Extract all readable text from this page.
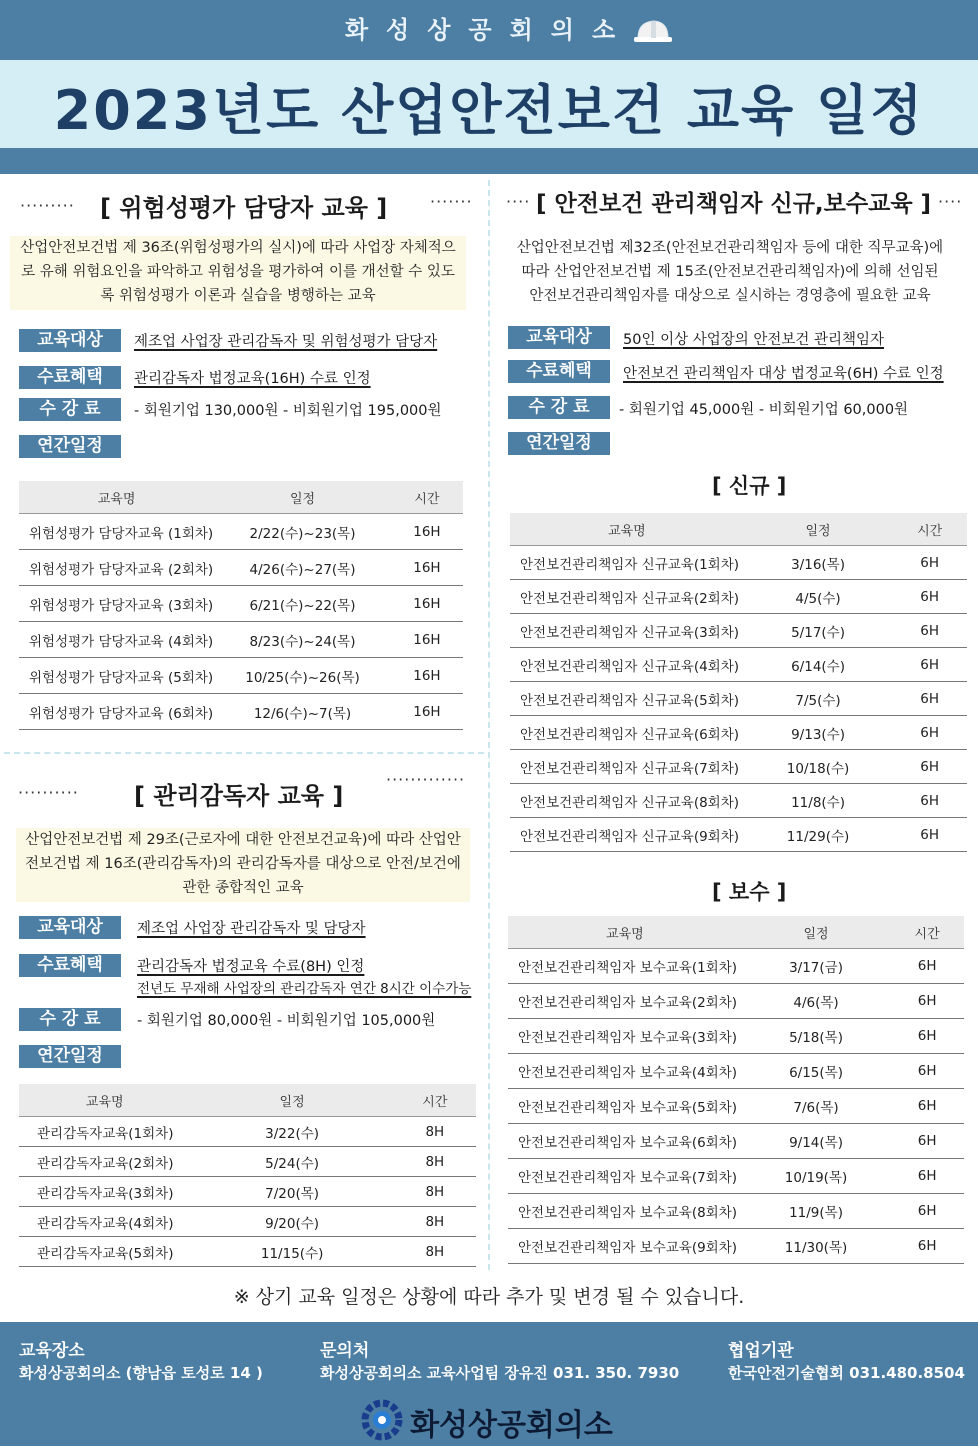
화성상공회의소
2023년도 산업안전보건 교육 일정
········· [ 위험성평가 담당자 교육 ]	·······
산업안전보건법 제 36조(위험성평가의 실시)에 따라 사업장 자체적으
로 유해 위험요인을 파악하고 위험성을 평가하여 이를 개선할 수 있도
록 위험성평가 이론과 실습을 병행하는 교육
교육대상	제조업 사업장 관리감독자 및 위험성평가 담당자
수료혜택	관리감독자 법정교육(16H) 수료 인정
수 강 료	- 회원기업 130,000원 - 비회원기업 195,000원
연간일정
교육명	일정	시간
위험성평가 담당자교육 (1회차)	2/22(수)~23(목)	16H
위험성평가 담당자교육 (2회차)	4/26(수)~27(목)	16H
위험성평가 담당자교육 (3회차)	6/21(수)~22(목)	16H
위험성평가 담당자교육 (4회차)	8/23(수)~24(목)	16H
위험성평가 담당자교육 (5회차)	10/25(수)~26(목)	16H
위험성평가 담당자교육 (6회차)	12/6(수)~7(목)	16H
·········· [ 관리감독자 교육 ]
·············
산업안전보건법 제 29조(근로자에 대한 안전보건교육)에 따라 산업안
전보건법 제 16조(관리감독자)의 관리감독자를 대상으로 안전/보건에
관한 종합적인 교육
교육대상	제조업 사업장 관리감독자 및 담당자
수료혜택	관리감독자 법정교육 수료(8H) 인정
전년도 무재해 사업장의 관리감독자 연간 8시간 이수가능
수 강 료	- 회원기업 80,000원 - 비회원기업 105,000원
연간일정
교육명	일정	시간
관리감독자교육(1회차)	3/22(수)	8H
관리감독자교육(2회차)	5/24(수)	8H
관리감독자교육(3회차)	7/20(목)	8H
관리감독자교육(4회차)	9/20(수)	8H
관리감독자교육(5회차)	11/15(수)	8H
···· [ 안전보건 관리책임자 신규,보수교육 ] ····
산업안전보건법 제32조(안전보건관리책임자 등에 대한 직무교육)에
따라 산업안전보건법 제 15조(안전보건관리책임자)에 의해 선임된
안전보건관리책임자를 대상으로 실시하는 경영층에 필요한 교육
교육대상	50인 이상 사업장의 안전보건 관리책임자
수료혜택	안전보건 관리책임자 대상 법정교육(6H) 수료 인정
수 강 료	- 회원기업 45,000원 - 비회원기업 60,000원
연간일정
[ 신규 ]
교육명	일정	시간
안전보건관리책임자 신규교육(1회차)	3/16(목)	6H
안전보건관리책임자 신규교육(2회차)	4/5(수)	6H
안전보건관리책임자 신규교육(3회차)	5/17(수)	6H
안전보건관리책임자 신규교육(4회차)	6/14(수)	6H
안전보건관리책임자 신규교육(5회차)	7/5(수)	6H
안전보건관리책임자 신규교육(6회차)	9/13(수)	6H
안전보건관리책임자 신규교육(7회차)	10/18(수)	6H
안전보건관리책임자 신규교육(8회차)	11/8(수)	6H
안전보건관리책임자 신규교육(9회차)	11/29(수)	6H
[ 보수 ]
교육명	일정	시간
안전보건관리책임자 보수교육(1회차)	3/17(금)	6H
안전보건관리책임자 보수교육(2회차)	4/6(목)	6H
안전보건관리책임자 보수교육(3회차)	5/18(목)	6H
안전보건관리책임자 보수교육(4회차)	6/15(목)	6H
안전보건관리책임자 보수교육(5회차)	7/6(목)	6H
안전보건관리책임자 보수교육(6회차)	9/14(목)	6H
안전보건관리책임자 보수교육(7회차)	10/19(목)	6H
안전보건관리책임자 보수교육(8회차)	11/9(목)	6H
안전보건관리책임자 보수교육(9회차)	11/30(목)	6H
※ 상기 교육 일정은 상황에 따라 추가 및 변경 될 수 있습니다.
교육장소
화성상공회의소 (향남읍 토성로 14 )
문의처
화성상공회의소 교육사업팀 장유진 031. 350. 7930
협업기관
한국안전기술협회 031.480.8504
화성상공회의소
